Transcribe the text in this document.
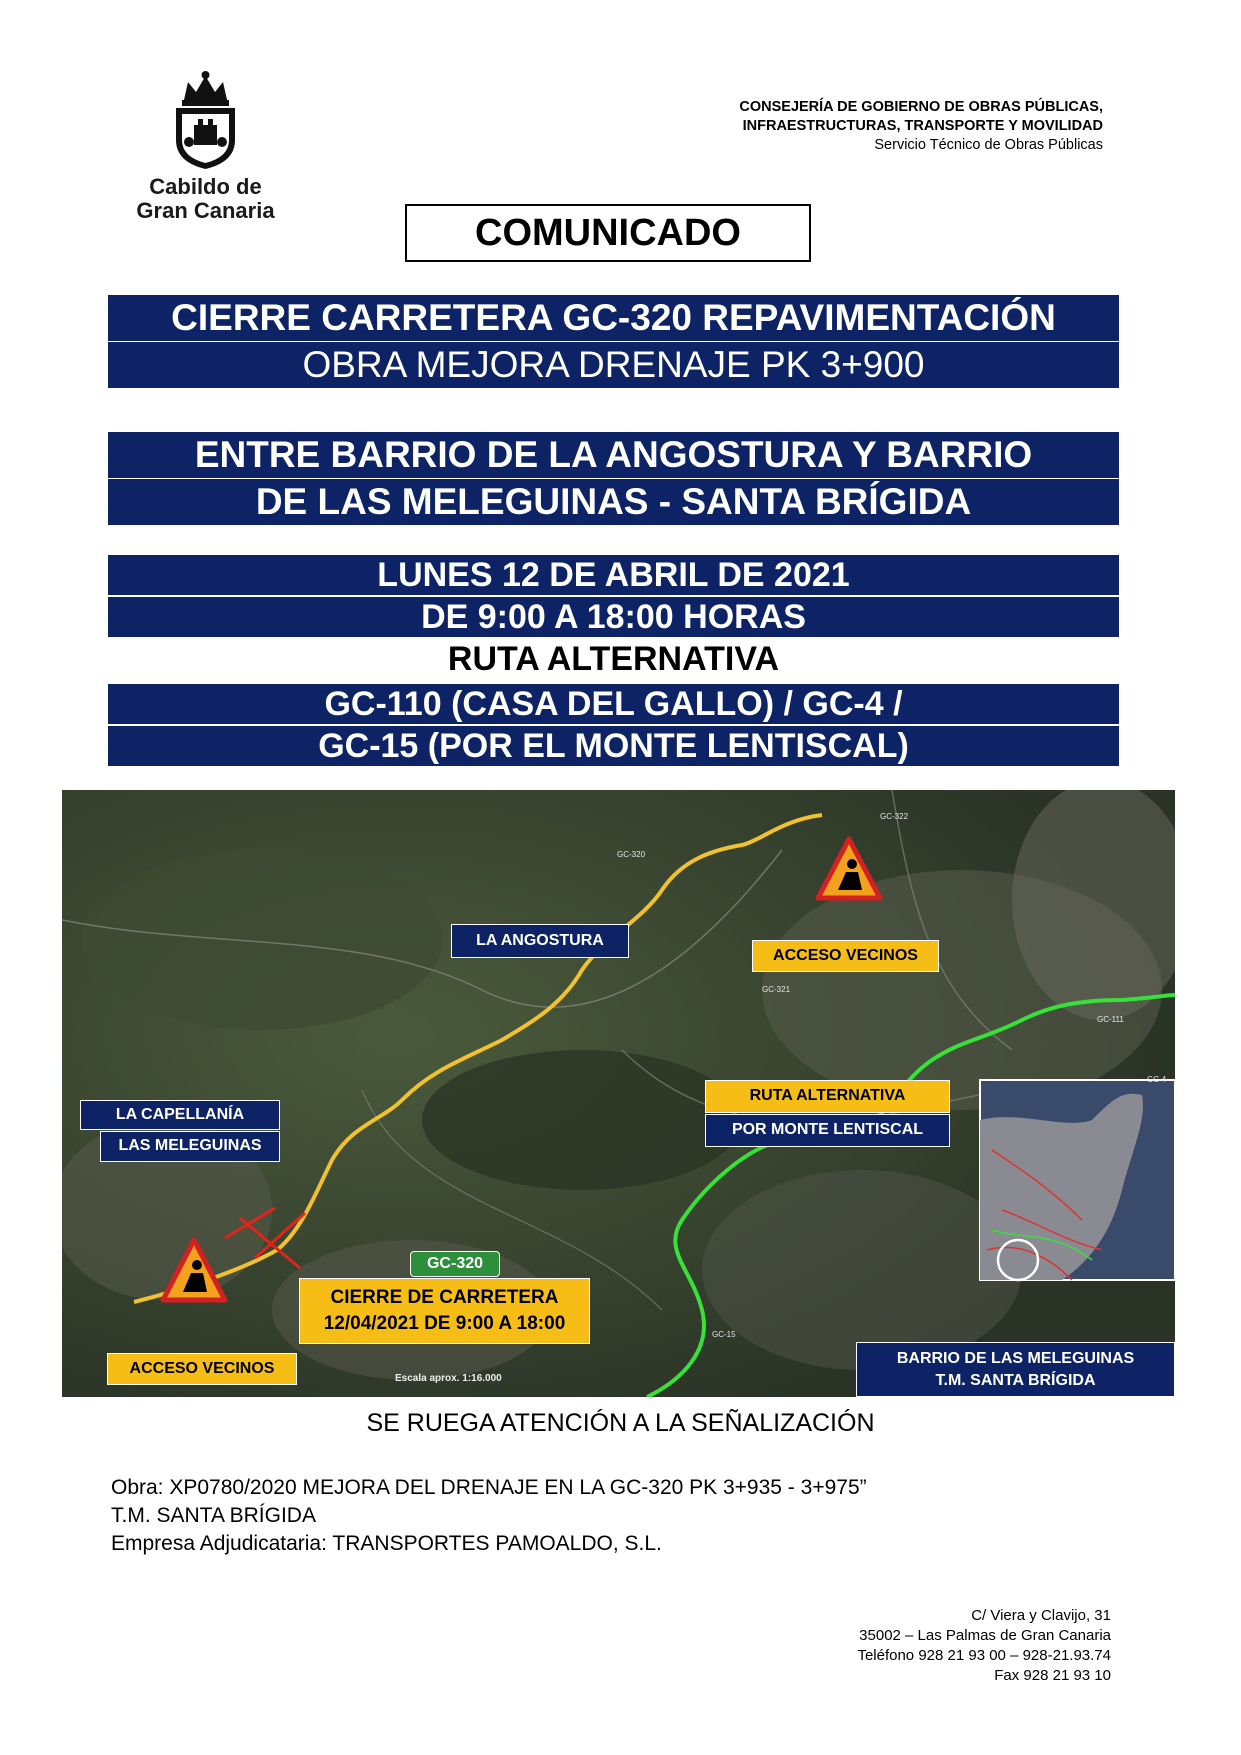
Cabildo de
Gran Canaria
CONSEJERÍA DE GOBIERNO DE OBRAS PÚBLICAS,
INFRAESTRUCTURAS, TRANSPORTE Y MOVILIDAD
Servicio Técnico de Obras Públicas
COMUNICADO
CIERRE CARRETERA GC-320 REPAVIMENTACIÓN
OBRA MEJORA DRENAJE PK 3+900
ENTRE BARRIO DE LA ANGOSTURA Y BARRIO
DE LAS MELEGUINAS - SANTA BRÍGIDA
LUNES 12 DE ABRIL DE 2021
DE 9:00 A 18:00 HORAS
RUTA ALTERNATIVA
GC-110 (CASA DEL GALLO) / GC-4 /
GC-15 (POR EL MONTE LENTISCAL)
GC-320
GC-321
GC-111
GC-15
GC-4
GC-322
LA ANGOSTURA
ACCESO VECINOS
LA CAPELLANÍA
LAS MELEGUINAS
RUTA ALTERNATIVA
POR MONTE LENTISCAL
GC-320
CIERRE DE CARRETERA
12/04/2021 DE 9:00 A 18:00
ACCESO VECINOS
Escala aprox. 1:16.000
BARRIO DE LAS MELEGUINAS
T.M. SANTA BRÍGIDA
SE RUEGA ATENCIÓN A LA SEÑALIZACIÓN
Obra: XP0780/2020 MEJORA DEL DRENAJE EN LA GC-320 PK 3+935 - 3+975”
T.M. SANTA BRÍGIDA
Empresa Adjudicataria: TRANSPORTES PAMOALDO, S.L.
C/ Viera y Clavijo, 31
35002 – Las Palmas de Gran Canaria
Teléfono 928 21 93 00 – 928-21.93.74
Fax 928 21 93 10
